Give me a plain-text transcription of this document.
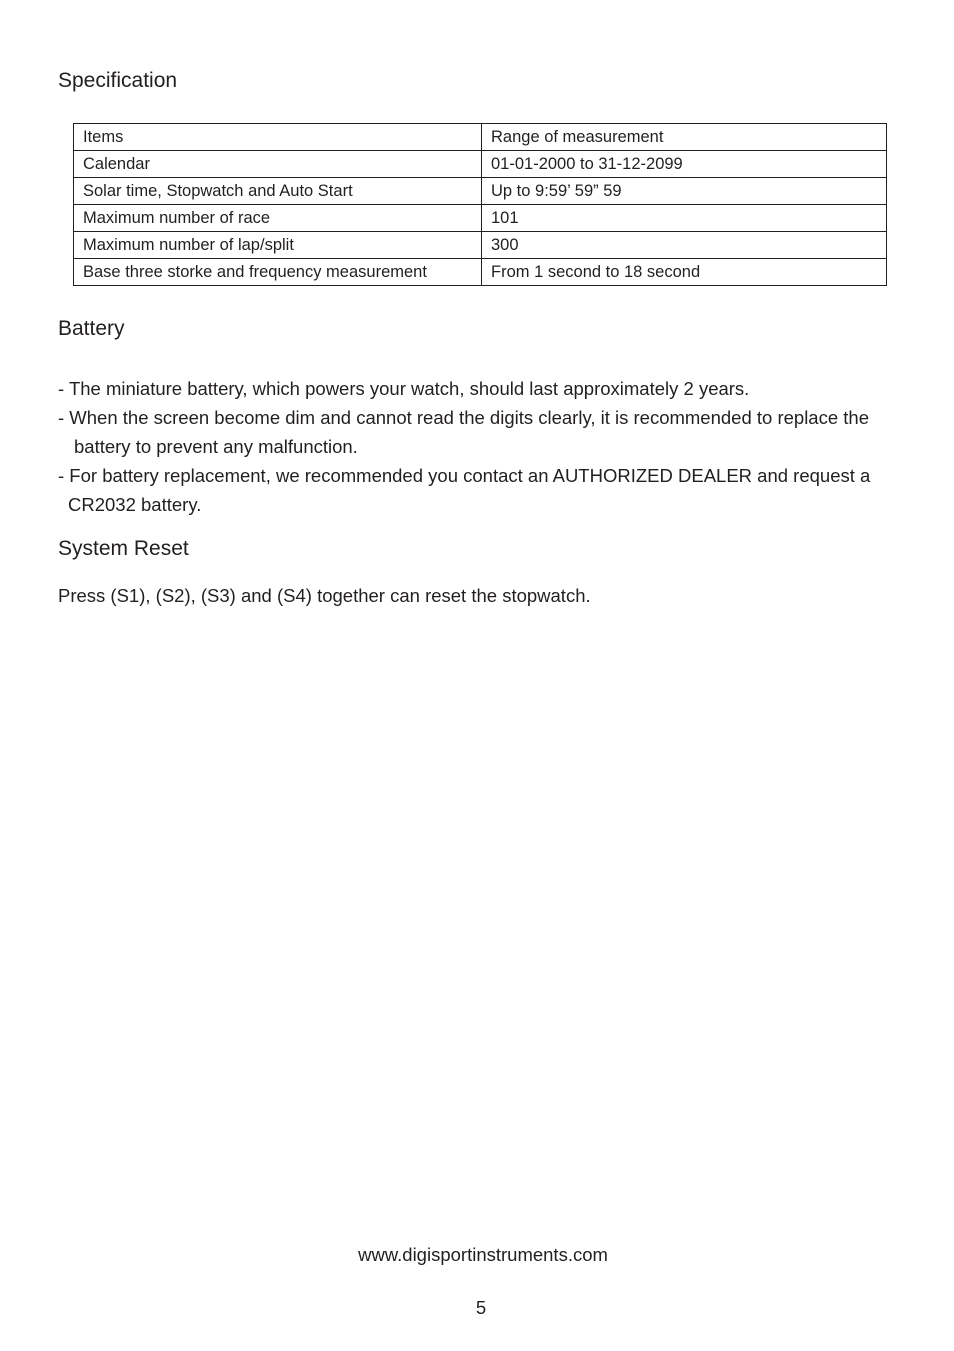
Specification
Items	Range of measurement
Calendar	01-01-2000 to 31-12-2099
Solar time, Stopwatch and Auto Start	Up to 9:59’ 59” 59
Maximum number of race	101
Maximum number of lap/split	300
Base three storke and frequency measurement	From 1 second to 18 second
Battery

- The miniature battery, which powers your watch, should last approximately 2 years.

- When the screen become dim and cannot read the digits clearly, it is recommended to replace the

battery to prevent any malfunction.

- For battery replacement, we recommended you contact an AUTHORIZED DEALER and request a

CR2032 battery.

System Reset

Press (S1), (S2), (S3) and (S4) together can reset the stopwatch.

www.digisportinstruments.com
5
